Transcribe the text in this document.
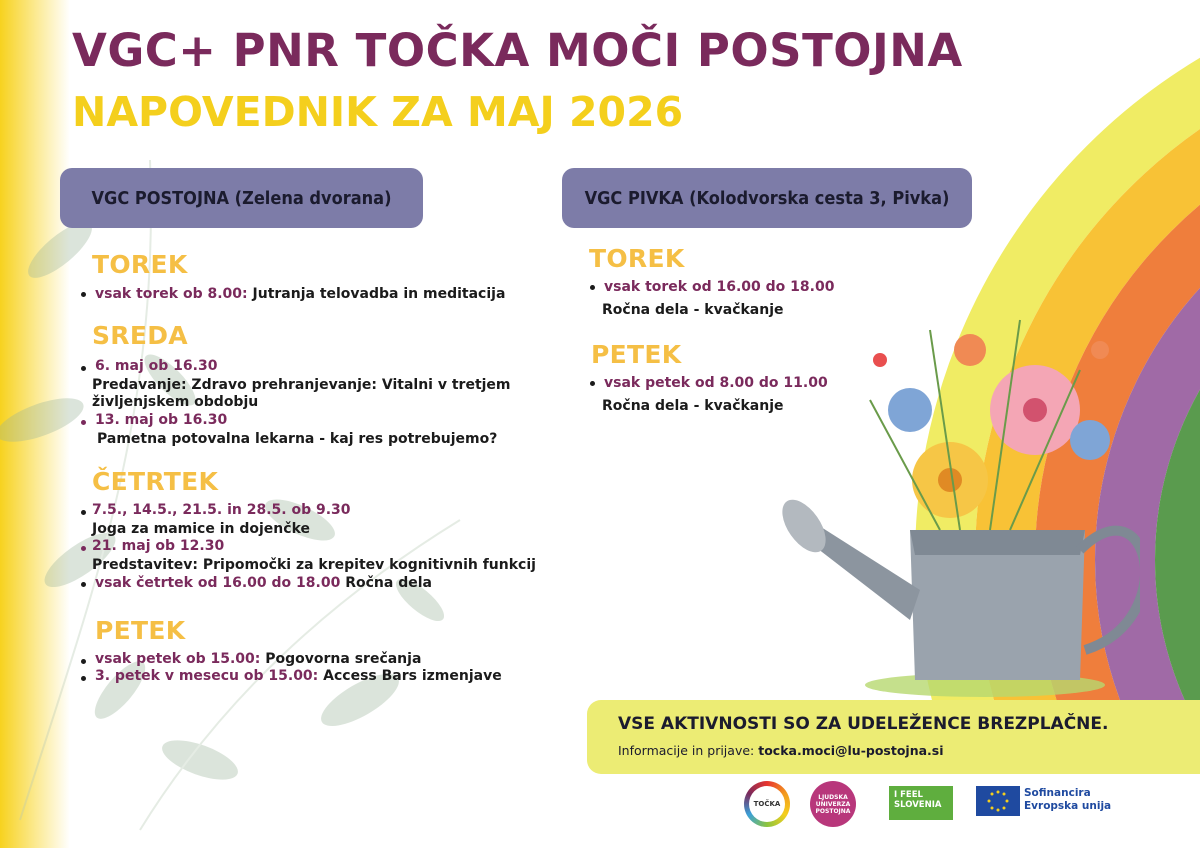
VGC+ PNR TOČKA MOČI POSTOJNA
NAPOVEDNIK ZA MAJ 2026
VGC POSTOJNA (Zelena dvorana)	VGC PIVKA (Kolodvorska cesta 3, Pivka)
TOREK
vsak torek ob 8.00: Jutranja telovadba in meditacija
SREDA
6. maj ob 16.30
Predavanje: Zdravo prehranjevanje: Vitalni v tretjem
življenjskem obdobju
13. maj ob 16.30
Pametna potovalna lekarna - kaj res potrebujemo?
ČETRTEK
7.5., 14.5., 21.5. in 28.5. ob 9.30
Joga za mamice in dojenčke
21. maj ob 12.30
Predstavitev: Pripomočki za krepitev kognitivnih funkcij
vsak četrtek od 16.00 do 18.00 Ročna dela
PETEK
vsak petek ob 15.00: Pogovorna srečanja
3. petek v mesecu ob 15.00: Access Bars izmenjave
TOREK
vsak torek od 16.00 do 18.00
Ročna dela - kvačkanje
PETEK
vsak petek od 8.00 do 11.00
Ročna dela - kvačkanje
VSE AKTIVNOSTI SO ZA UDELEŽENCE BREZPLAČNE.
Informacije in prijave: tocka.moci@lu-postojna.si
TOČKA
LJUDSKA
UNIVERZA
POSTOJNA
I FEEL
SLOVENIA
Sofinancira
Evropska unija
